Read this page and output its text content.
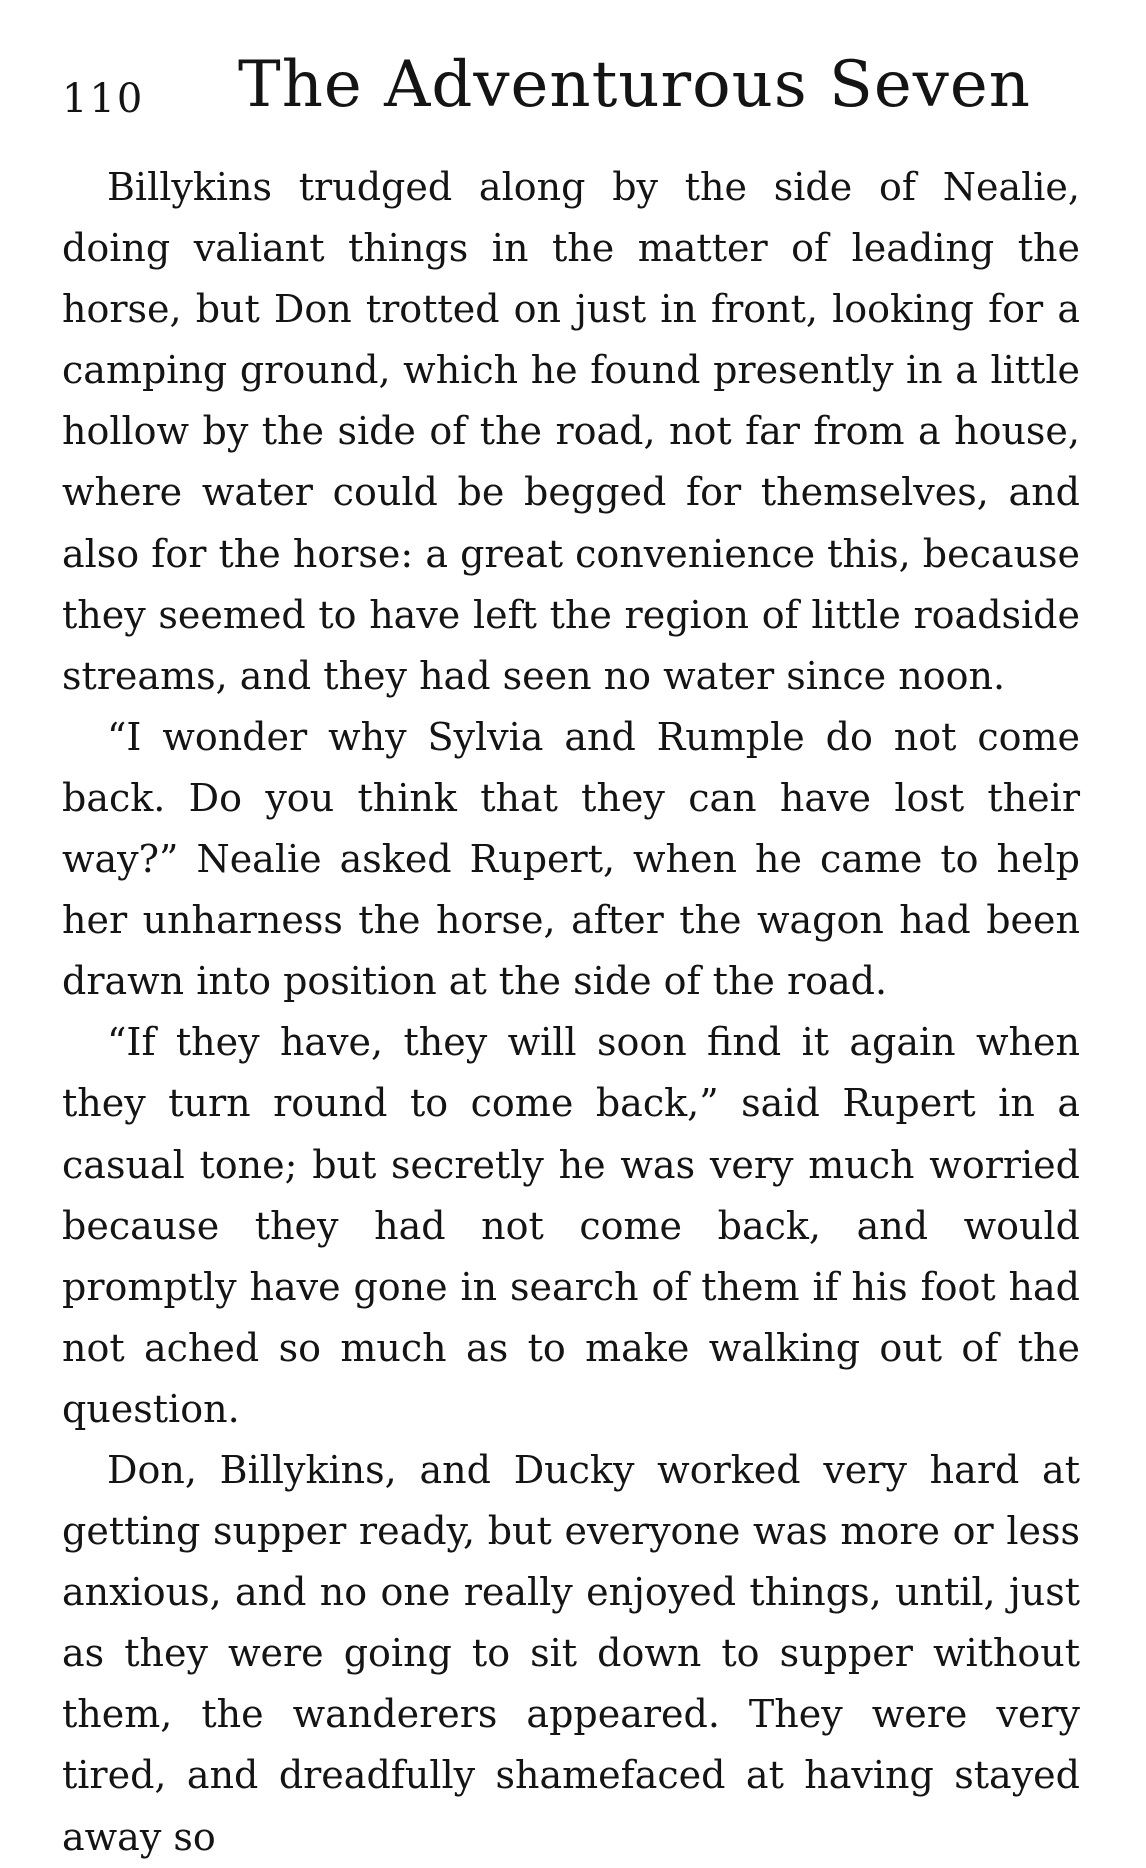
110 The Adventurous Seven

Billykins trudged along by the side of Nealie, doing valiant things in the matter of leading the horse, but Don trotted on just in front, looking for a camping ground, which he found presently in a little hollow by the side of the road, not far from a house, where water could be begged for themselves, and also for the horse: a great convenience this, because they seemed to have left the region of little roadside streams, and they had seen no water since noon.

“I wonder why Sylvia and Rumple do not come back. Do you think that they can have lost their way?” Nealie asked Rupert, when he came to help her unharness the horse, after the wagon had been drawn into position at the side of the road.

“If they have, they will soon find it again when they turn round to come back,” said Rupert in a casual tone; but secretly he was very much worried because they had not come back, and would promptly have gone in search of them if his foot had not ached so much as to make walking out of the question.

Don, Billykins, and Ducky worked very hard at getting supper ready, but everyone was more or less anxious, and no one really enjoyed things, until, just as they were going to sit down to supper without them, the wanderers appeared. They were very tired, and dreadfully shamefaced at having stayed away so
